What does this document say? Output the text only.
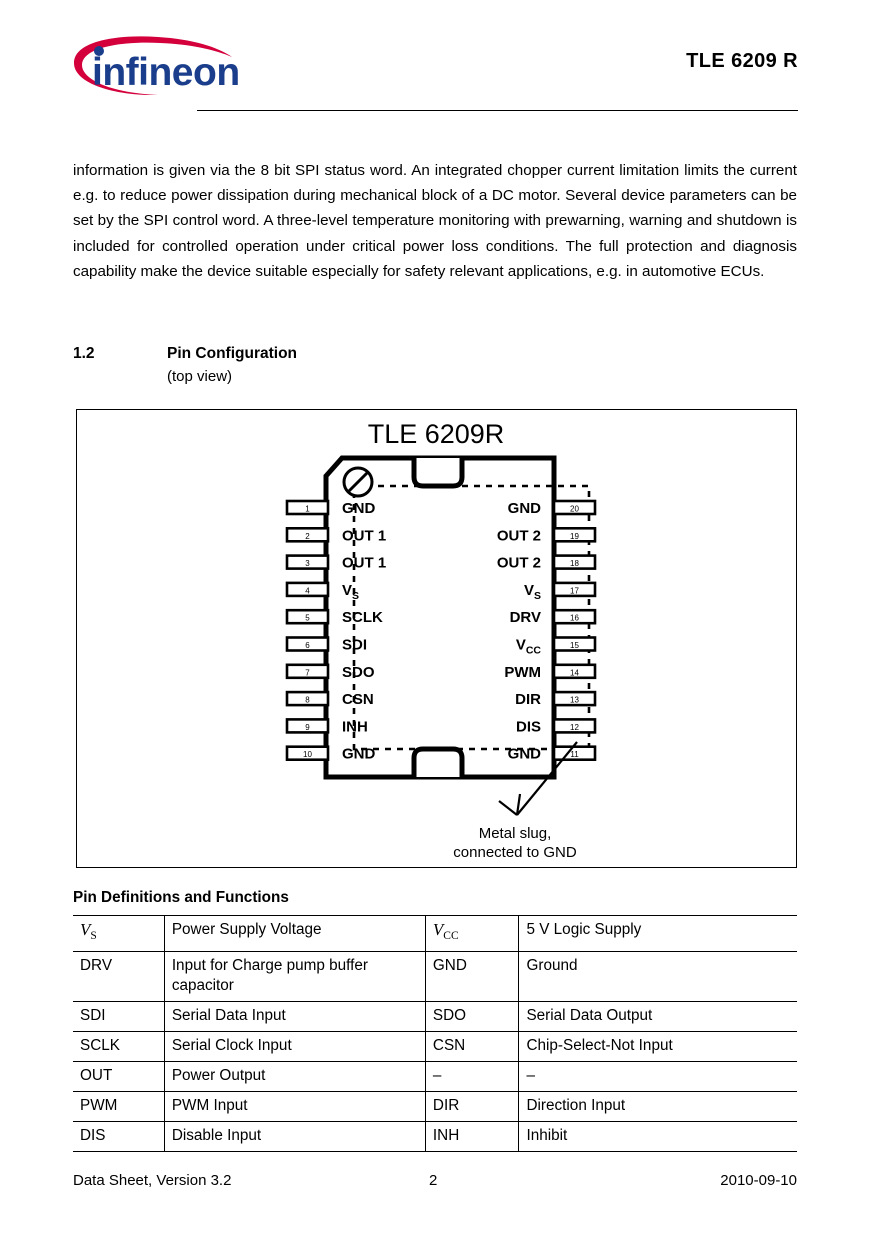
infineon	TLE 6209 R
information is given via the 8 bit SPI status word. An integrated chopper current limitation limits the current e.g. to reduce power dissipation during mechanical block of a DC motor. Several device parameters can be set by the SPI control word. A three-level temperature monitoring with prewarning, warning and shutdown is included for controlled operation under critical power loss conditions. The full protection and diagnosis capability make the device suitable especially for safety relevant applications, e.g. in automotive ECUs.
1.2	Pin Configuration
(top view)
TLE 6209R
1 GND
2 OUT 1
3 OUT 1
4 $V_S$
5 SCLK
6 SDI
7 SDO
8 CSN
9 INH
10 GND
20
GND
19
OUT 2
18
OUT 2
17
$V_S$
16
DRV
15
$V_{CC}$
14
PWM
13
DIR
12
DIS
11
GND
Metal slug,
connected to GND
Pin Definitions and Functions
$V_S$	Power Supply Voltage	$V_{CC}$	5 V Logic Supply
DRV	Input for Charge pump buffer capacitor	GND	Ground
SDI	Serial Data Input	SDO	Serial Data Output
SCLK	Serial Clock Input	CSN	Chip-Select-Not Input
OUT	Power Output	–	–
PWM	PWM Input	DIR	Direction Input
DIS	Disable Input	INH	Inhibit
Data Sheet, Version 3.2	2	2010-09-10
